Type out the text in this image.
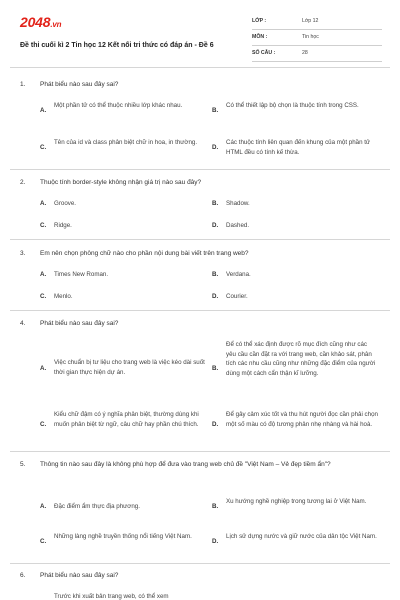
2048.vn
Đề thi cuối kì 2 Tin học 12 Kết nối tri thức có đáp án - Đề 6
LỚP :	Lớp 12
MÔN :	Tin học
SỐ CÂU :	28
1. Phát biểu nào sau đây sai?
A.
Một phần tử có thể thuộc nhiều lớp khác nhau.
B.
Có thể thiết lập bộ chọn là thuộc tính trong CSS.
C.
Tên của id và class phân biệt chữ in hoa, in thường.
D.
Các thuộc tính liên quan đến khung của một phần tử HTML đều có tính kế thừa.
2. Thuộc tính border-style không nhận giá trị nào sau đây?
A. Groove.	B. Shadow.
C. Ridge.	D. Dashed.
3. Em nên chọn phông chữ nào cho phần nội dung bài viết trên trang web?
A. Times New Roman.	B. Verdana.
C. Menlo.	D. Courier.
4. Phát biểu nào sau đây sai?
A.
Việc chuẩn bị tư liệu cho trang web là việc kéo dài suốt thời gian thực hiện dự án.	B.
Để có thể xác định được rõ mục đích cũng như các yêu cầu cần đặt ra với trang web, cần khảo sát, phân tích các nhu cầu cũng như những đặc điểm của người dùng một cách cẩn thận kĩ lưỡng.
C.
Kiểu chữ đậm có ý nghĩa phân biệt, thường dùng khi muốn phân biệt từ ngữ, câu chữ hay phần chú thích.	D.
Để gây cảm xúc tốt và thu hút người đọc cần phải chọn một số màu có độ tương phản nhẹ nhàng và hài hoà.
5. Thông tin nào sau đây là không phù hợp để đưa vào trang web chủ đề "Việt Nam – Vẻ đẹp tiềm ẩn"?
A. Đặc điểm ẩm thực địa phương.	B.
Xu hướng nghề nghiệp trong tương lai ở Việt Nam.
C.
Những làng nghề truyền thống nổi tiếng Việt Nam.
D.
Lịch sử dựng nước và giữ nước của dân tộc Việt Nam.
6. Phát biểu nào sau đây sai?
Trước khi xuất bản trang web, có thể xem
